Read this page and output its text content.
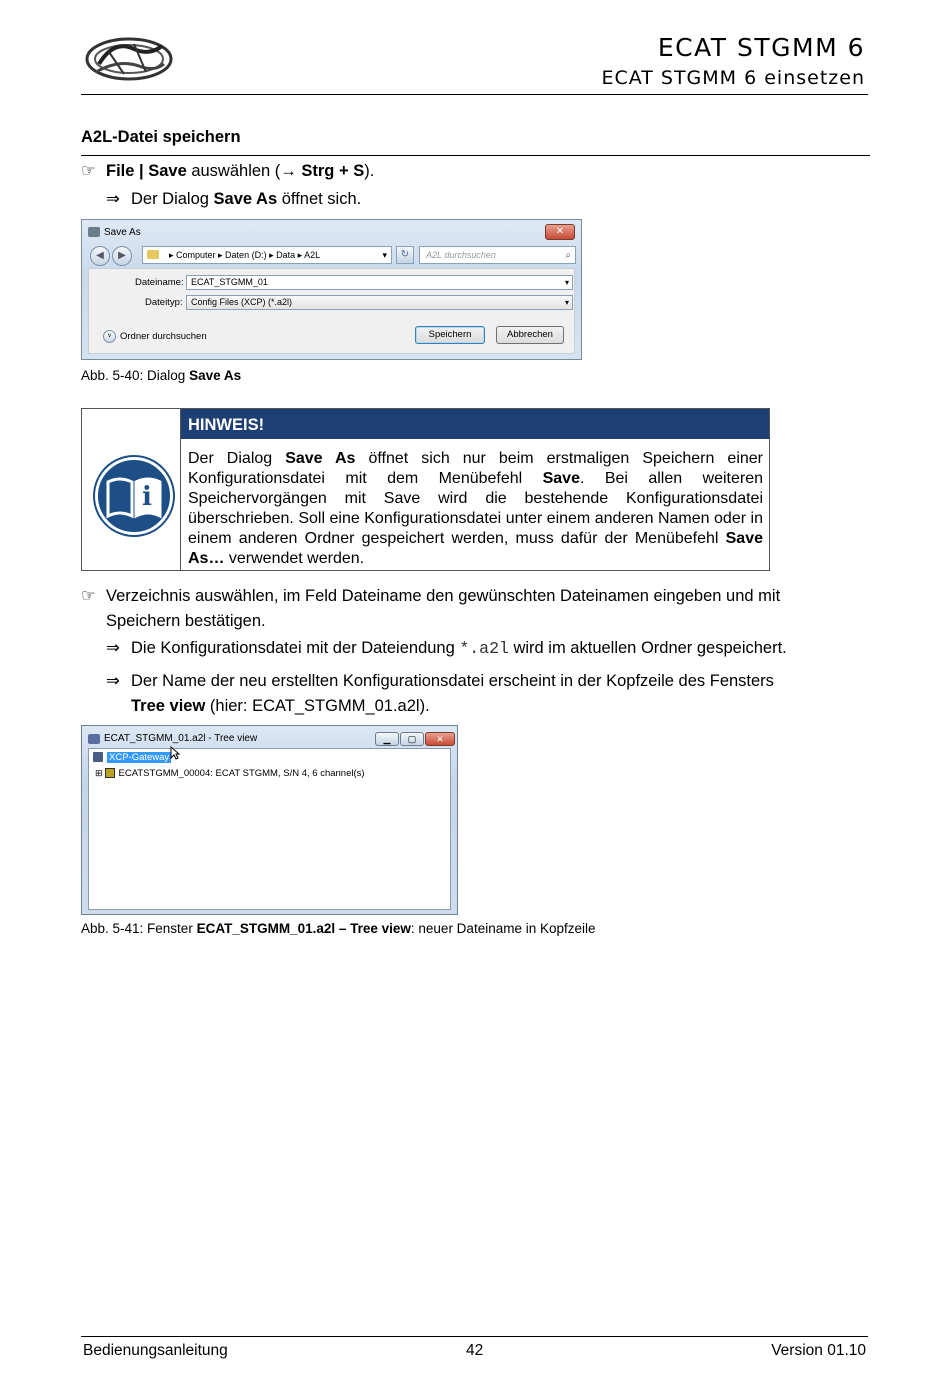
ECAT STGMM 6
ECAT STGMM 6 einsetzen
A2L-Datei speichern
☞ File | Save auswählen (→ Strg + S).
⇒ Der Dialog Save As öffnet sich.
Save As	✕
◀	▶	▸ Computer ▸ Daten (D:) ▸ Data ▸ A2L	▾	↻	A2L durchsuchen	⌕
Dateiname: ECAT_STGMM_01	▾
Dateityp: Config Files (XCP) (*.a2l)	▾
˅ Ordner durchsuchen	Speichern	Abbrechen
Abb. 5-40: Dialog Save As
i
HINWEIS!
Der Dialog Save As öffnet sich nur beim erstmaligen Speichern einer Konfigurationsdatei mit dem Menübefehl Save. Bei allen weiteren Speichervorgängen mit Save wird die bestehende Konfigurationsdatei überschrieben. Soll eine Konfigurationsdatei unter einem anderen Namen oder in einem anderen Ordner gespeichert werden, muss dafür der Menübefehl Save As… verwendet werden.
☞ Verzeichnis auswählen, im Feld Dateiname den gewünschten Dateinamen eingeben und mit
Speichern bestätigen.
⇒ Die Konfigurationsdatei mit der Dateiendung *.a2l wird im aktuellen Ordner gespeichert.
⇒ Der Name der neu erstellten Konfigurationsdatei erscheint in der Kopfzeile des Fensters
Tree view (hier: ECAT_STGMM_01.a2l).
ECAT_STGMM_01.a2l - Tree view	▁	▢	✕
XCP-Gateway
⊞ ECATSTGMM_00004: ECAT STGMM, S/N 4, 6 channel(s)
Abb. 5-41: Fenster ECAT_STGMM_01.a2l – Tree view: neuer Dateiname in Kopfzeile
Bedienungsanleitung	42	Version 01.10
